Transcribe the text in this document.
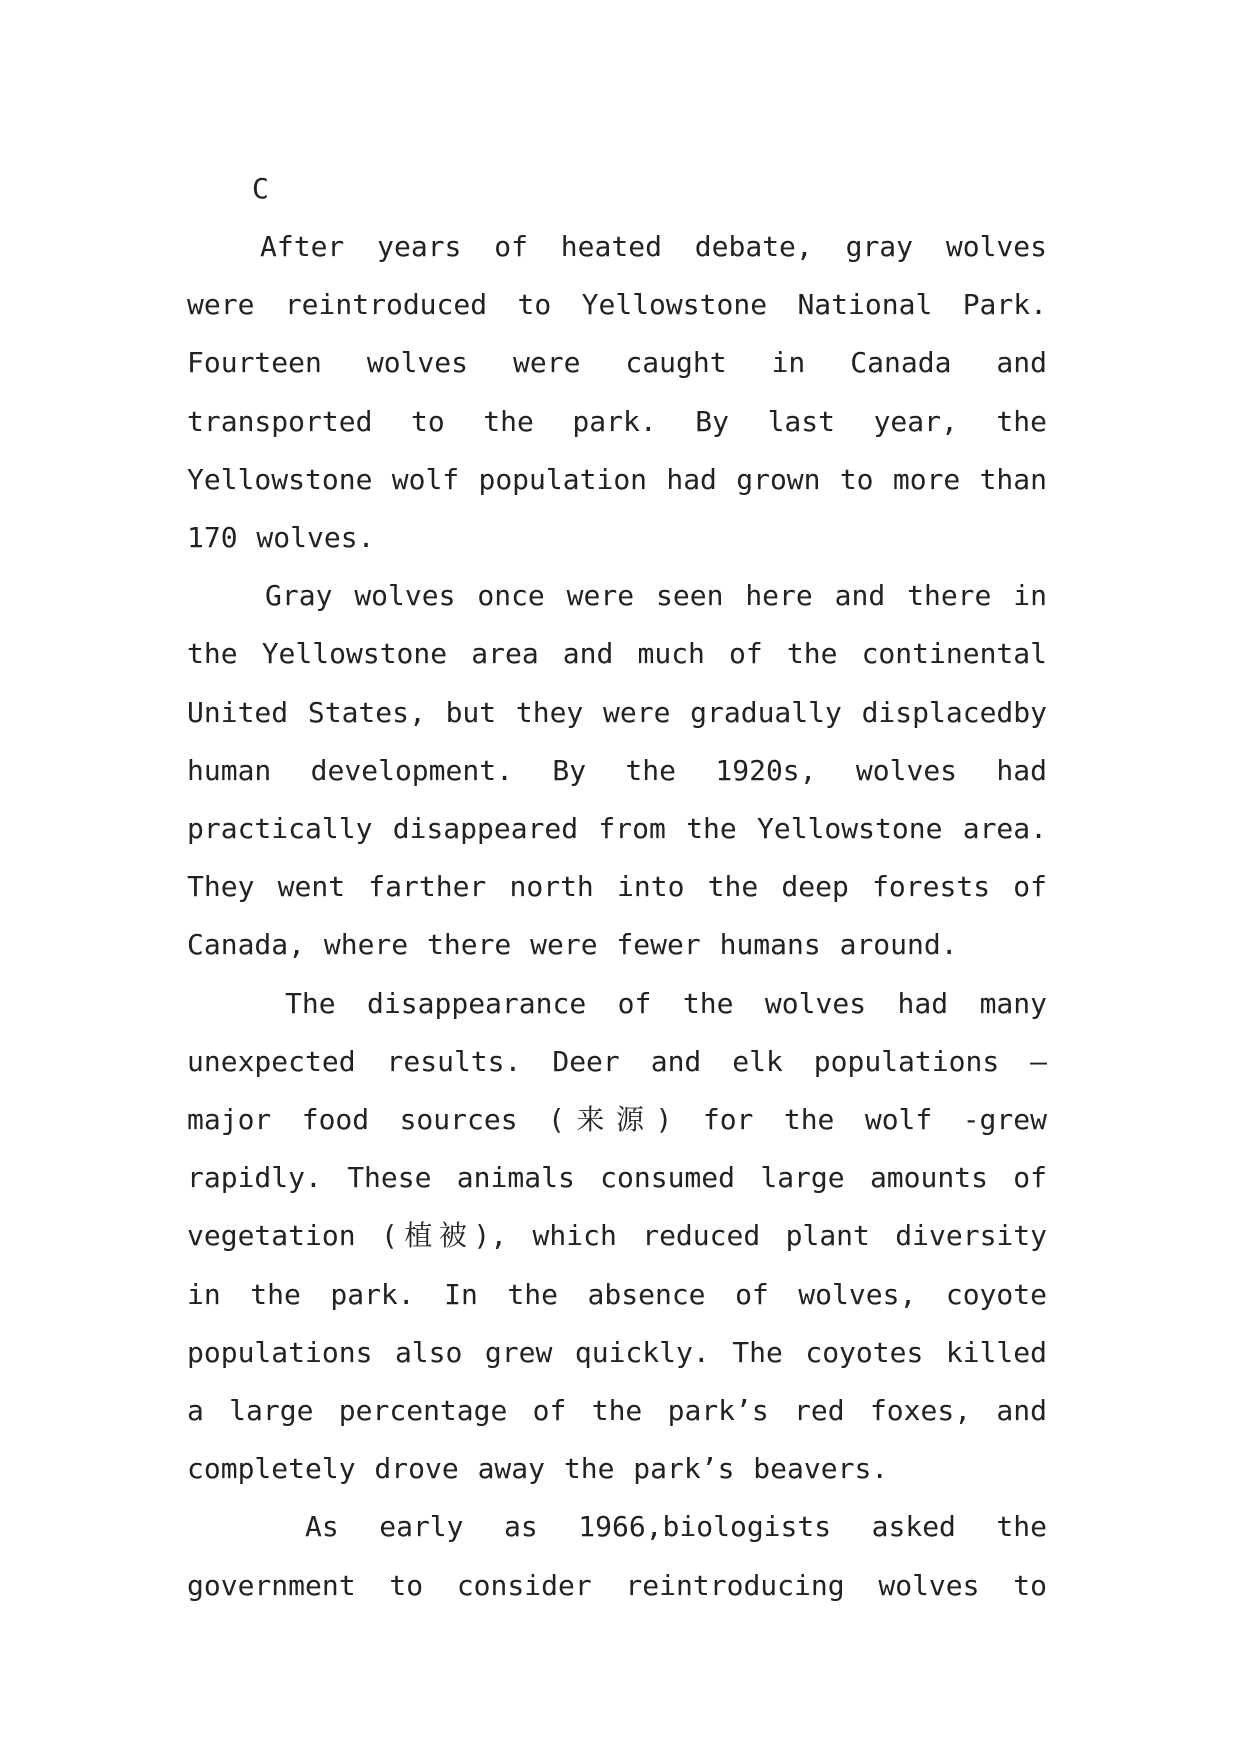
C

After years of heated debate, gray wolves were reintroduced to Yellowstone National Park. Fourteen wolves were caught in Canada and transported to the park. By last year, the Yellowstone wolf population had grown to more than 170 wolves.

Gray wolves once were seen here and there in the Yellowstone area and much of the continental United States, but they were gradually displacedby human development. By the 1920s, wolves had practically disappeared from the Yellowstone area. They went farther north into the deep forests of Canada, where there were fewer humans around.

The disappearance of the wolves had many unexpected results. Deer and elk populations —major food sources (来源) for the wolf -grew rapidly. These animals consumed large amounts of vegetation (植被), which reduced plant diversity in the park. In the absence of wolves, coyote populations also grew quickly. The coyotes killed a large percentage of the park’s red foxes, and completely drove away the park’s beavers.

As early as 1966,biologists asked the government to consider reintroducing wolves to
